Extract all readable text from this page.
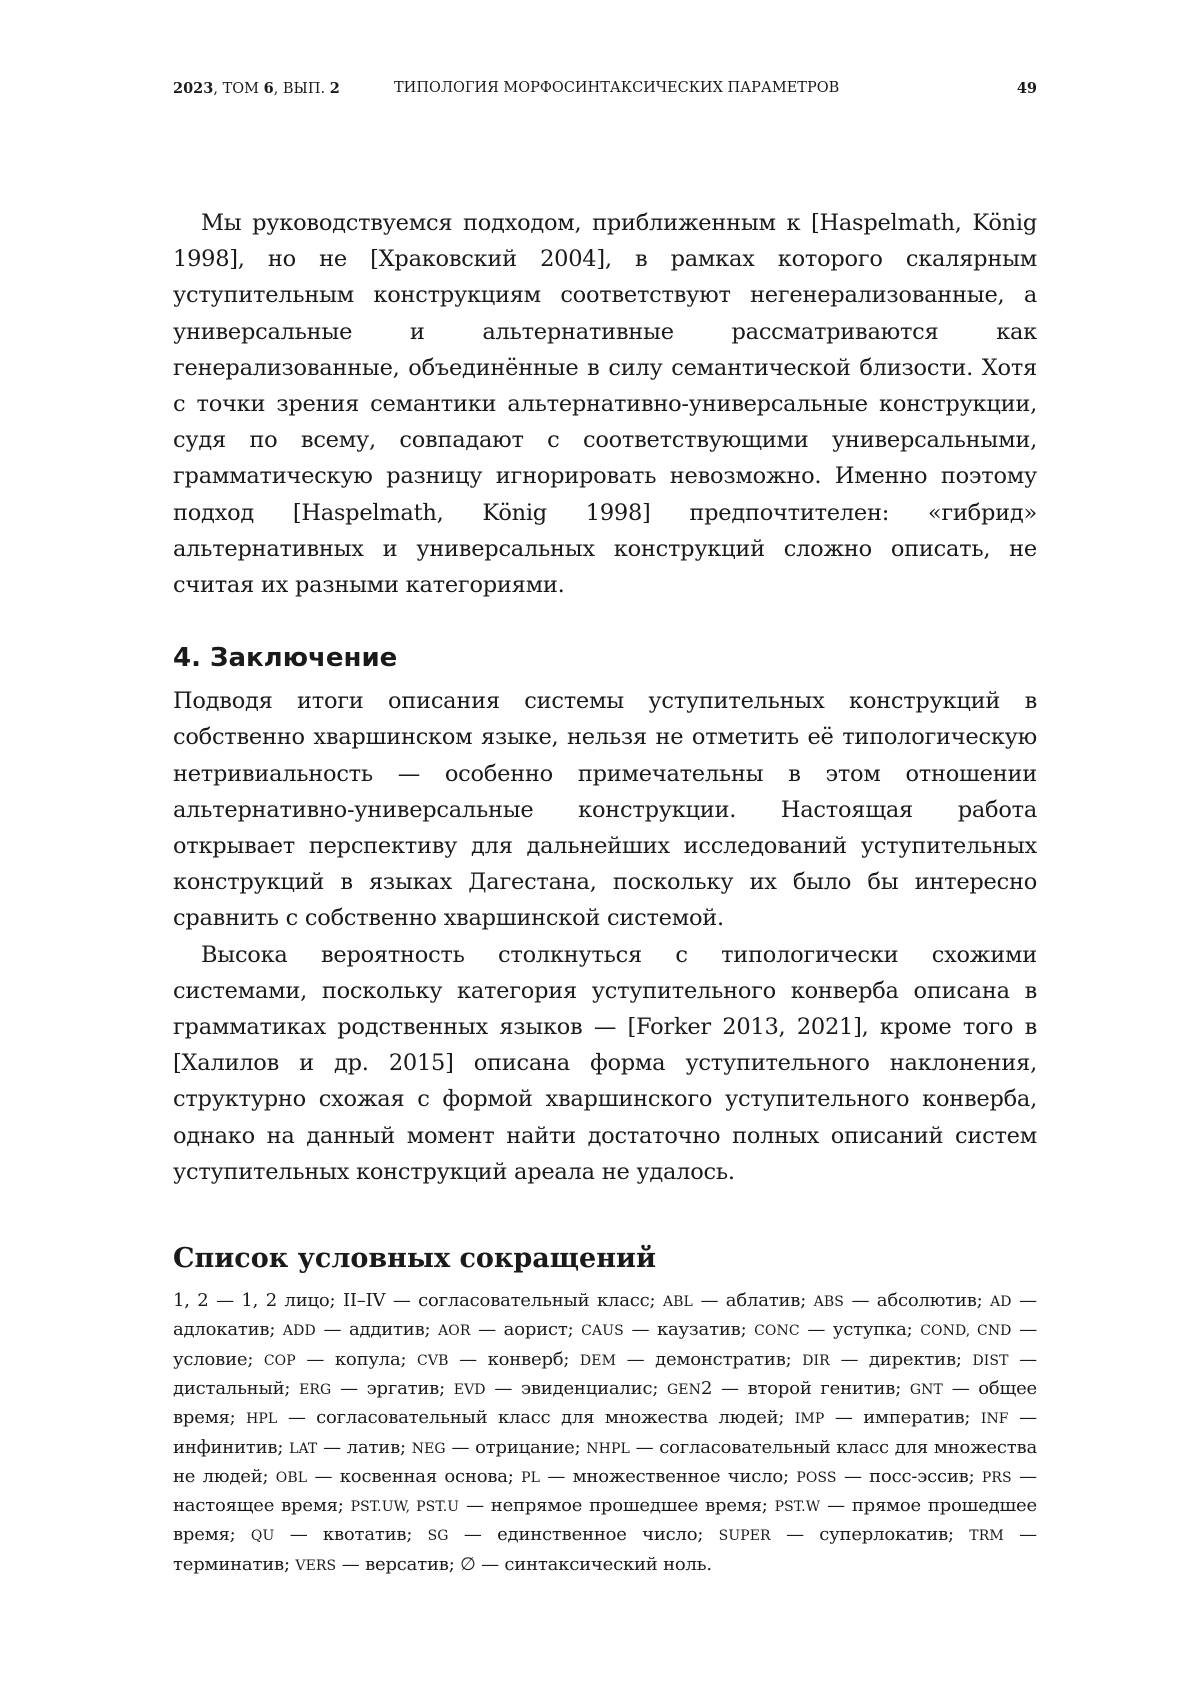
2023, ТОМ 6, ВЫП. 2	ТИПОЛОГИЯ МОРФОСИНТАКСИЧЕСКИХ ПАРАМЕТРОВ	49

Мы руководствуемся подходом, приближенным к [Haspelmath, König 1998], но не [Храковский 2004], в рамках которого скалярным уступительным конструкциям соответствуют негенерализованные, а универсальные и альтернативные рассматриваются как генерализованные, объединённые в силу семантической близости. Хотя с точки зрения семантики альтернативно-универсальные конструкции, судя по всему, совпадают с соответствующими универсальными, грамматическую разницу игнорировать невозможно. Именно поэтому подход [Haspelmath, König 1998] предпочтителен: «гибрид» альтернативных и универсальных конструкций сложно описать, не считая их разными категориями.

4. Заключение

Подводя итоги описания системы уступительных конструкций в собственно хваршинском языке, нельзя не отметить её типологическую нетривиальность — особенно примечательны в этом отношении альтернативно-универсальные конструкции. Настоящая работа открывает перспективу для дальнейших исследований уступительных конструкций в языках Дагестана, поскольку их было бы интересно сравнить с собственно хваршинской системой.

Высока вероятность столкнуться с типологически схожими системами, поскольку категория уступительного конверба описана в грамматиках родственных языков — [Forker 2013, 2021], кроме того в [Халилов и др. 2015] описана форма уступительного наклонения, структурно схожая с формой хваршинского уступительного конверба, однако на данный момент найти достаточно полных описаний систем уступительных конструкций ареала не удалось.

Список условных сокращений

1, 2 — 1, 2 лицо; II–IV — согласовательный класс; ABL — аблатив; ABS — абсолютив; AD — адлокатив; ADD — аддитив; AOR — аорист; CAUS — каузатив; CONC — уступка; COND, CND — условие; COP — копула; CVB — конверб; DEM — демонстратив; DIR — директив; DIST — дистальный; ERG — эргатив; EVD — эвиденциалис; GEN2 — второй генитив; GNT — общее время; HPL — согласовательный класс для множества людей; IMP — императив; INF — инфинитив; LAT — латив; NEG — отрицание; NHPL — согласовательный класс для множества не людей; OBL — косвенная основа; PL — множественное число; POSS — посс-эссив; PRS — настоящее время; PST.UW, PST.U — непрямое прошедшее время; PST.W — прямое прошедшее время; QU — квотатив; SG — единственное число; SUPER — суперлокатив; TRM — терминатив; VERS — версатив; ∅ — синтаксический ноль.
